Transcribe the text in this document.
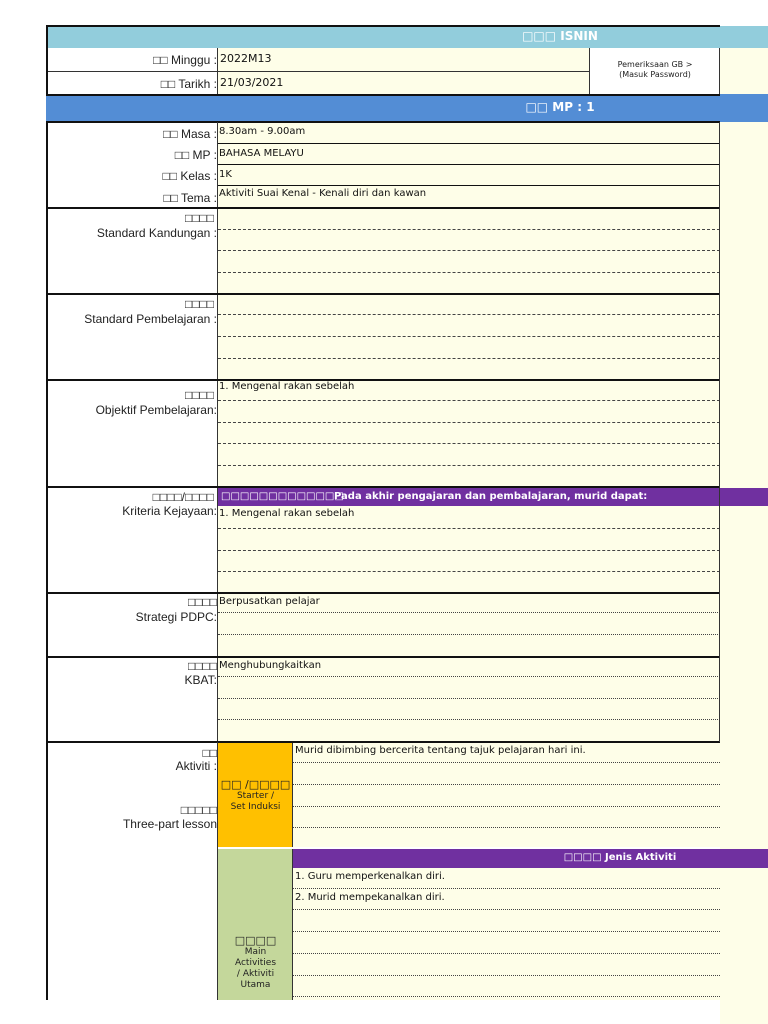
□□□ ISNIN
□□ Minggu : 2022M13
□□ Tarikh : 21/03/2021
Pemeriksaan GB >
(Masuk Password)
□□ MP : 1
□□ Masa : 8.30am - 9.00am
□□ MP : BAHASA MELAYU
□□ Kelas : 1K
□□ Tema : Aktiviti Suai Kenal - Kenali diri dan kawan
□□□□
Standard Kandungan :
□□□□
Standard Pembelajaran :
□□□□
Objektif Pembelajaran:
1. Mengenal rakan sebelah
□□□□/□□□□
Kriteria Kejayaan:
□□□□□□□□□□□□□
Pada akhir pengajaran dan pembalajaran, murid dapat:
1. Mengenal rakan sebelah
□□□□
Strategi PDPC:
Berpusatkan pelajar
□□□□
KBAT:
Menghubungkaitkan
□□
Aktiviti :
□□□□□
Three-part lesson
□□ /□□□□
Starter /
Set Induksi
Murid dibimbing bercerita tentang tajuk pelajaran hari ini.
□□□□
Main
Activities
/ Aktiviti
Utama
□□□□ Jenis Aktiviti
1. Guru memperkenalkan diri.
2. Murid mempekanalkan diri.
